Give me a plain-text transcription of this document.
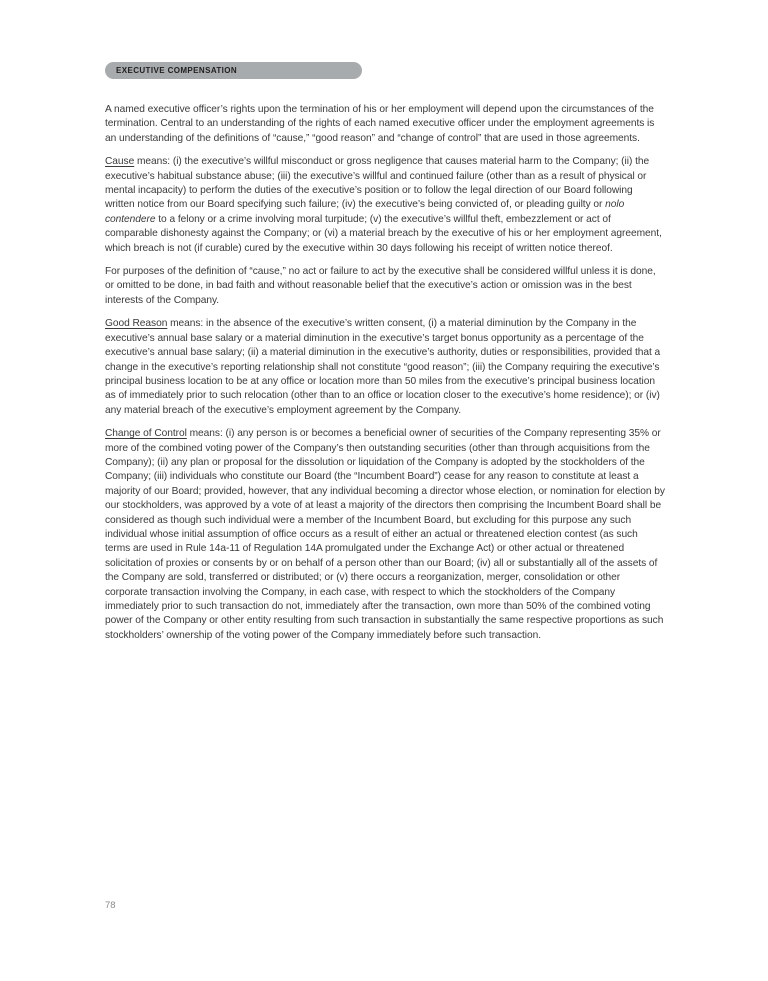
EXECUTIVE COMPENSATION

A named executive officer’s rights upon the termination of his or her employment will depend upon the circumstances of the termination. Central to an understanding of the rights of each named executive officer under the employment agreements is an understanding of the definitions of “cause,” “good reason” and “change of control” that are used in those agreements.

Cause means: (i) the executive’s willful misconduct or gross negligence that causes material harm to the Company; (ii) the executive’s habitual substance abuse; (iii) the executive’s willful and continued failure (other than as a result of physical or mental incapacity) to perform the duties of the executive’s position or to follow the legal direction of our Board following written notice from our Board specifying such failure; (iv) the executive’s being convicted of, or pleading guilty or nolo contendere to a felony or a crime involving moral turpitude; (v) the executive’s willful theft, embezzlement or act of comparable dishonesty against the Company; or (vi) a material breach by the executive of his or her employment agreement, which breach is not (if curable) cured by the executive within 30 days following his receipt of written notice thereof.

For purposes of the definition of “cause,” no act or failure to act by the executive shall be considered willful unless it is done, or omitted to be done, in bad faith and without reasonable belief that the executive’s action or omission was in the best interests of the Company.

Good Reason means: in the absence of the executive’s written consent, (i) a material diminution by the Company in the executive’s annual base salary or a material diminution in the executive’s target bonus opportunity as a percentage of the executive’s annual base salary; (ii) a material diminution in the executive’s authority, duties or responsibilities, provided that a change in the executive’s reporting relationship shall not constitute “good reason”; (iii) the Company requiring the executive’s principal business location to be at any office or location more than 50 miles from the executive’s principal business location as of immediately prior to such relocation (other than to an office or location closer to the executive’s home residence); or (iv) any material breach of the executive’s employment agreement by the Company.

Change of Control means: (i) any person is or becomes a beneficial owner of securities of the Company representing 35% or more of the combined voting power of the Company’s then outstanding securities (other than through acquisitions from the Company); (ii) any plan or proposal for the dissolution or liquidation of the Company is adopted by the stockholders of the Company; (iii) individuals who constitute our Board (the “Incumbent Board”) cease for any reason to constitute at least a majority of our Board; provided, however, that any individual becoming a director whose election, or nomination for election by our stockholders, was approved by a vote of at least a majority of the directors then comprising the Incumbent Board shall be considered as though such individual were a member of the Incumbent Board, but excluding for this purpose any such individual whose initial assumption of office occurs as a result of either an actual or threatened election contest (as such terms are used in Rule 14a-11 of Regulation 14A promulgated under the Exchange Act) or other actual or threatened solicitation of proxies or consents by or on behalf of a person other than our Board; (iv) all or substantially all of the assets of the Company are sold, transferred or distributed; or (v) there occurs a reorganization, merger, consolidation or other corporate transaction involving the Company, in each case, with respect to which the stockholders of the Company immediately prior to such transaction do not, immediately after the transaction, own more than 50% of the combined voting power of the Company or other entity resulting from such transaction in substantially the same respective proportions as such stockholders’ ownership of the voting power of the Company immediately before such transaction.

78
